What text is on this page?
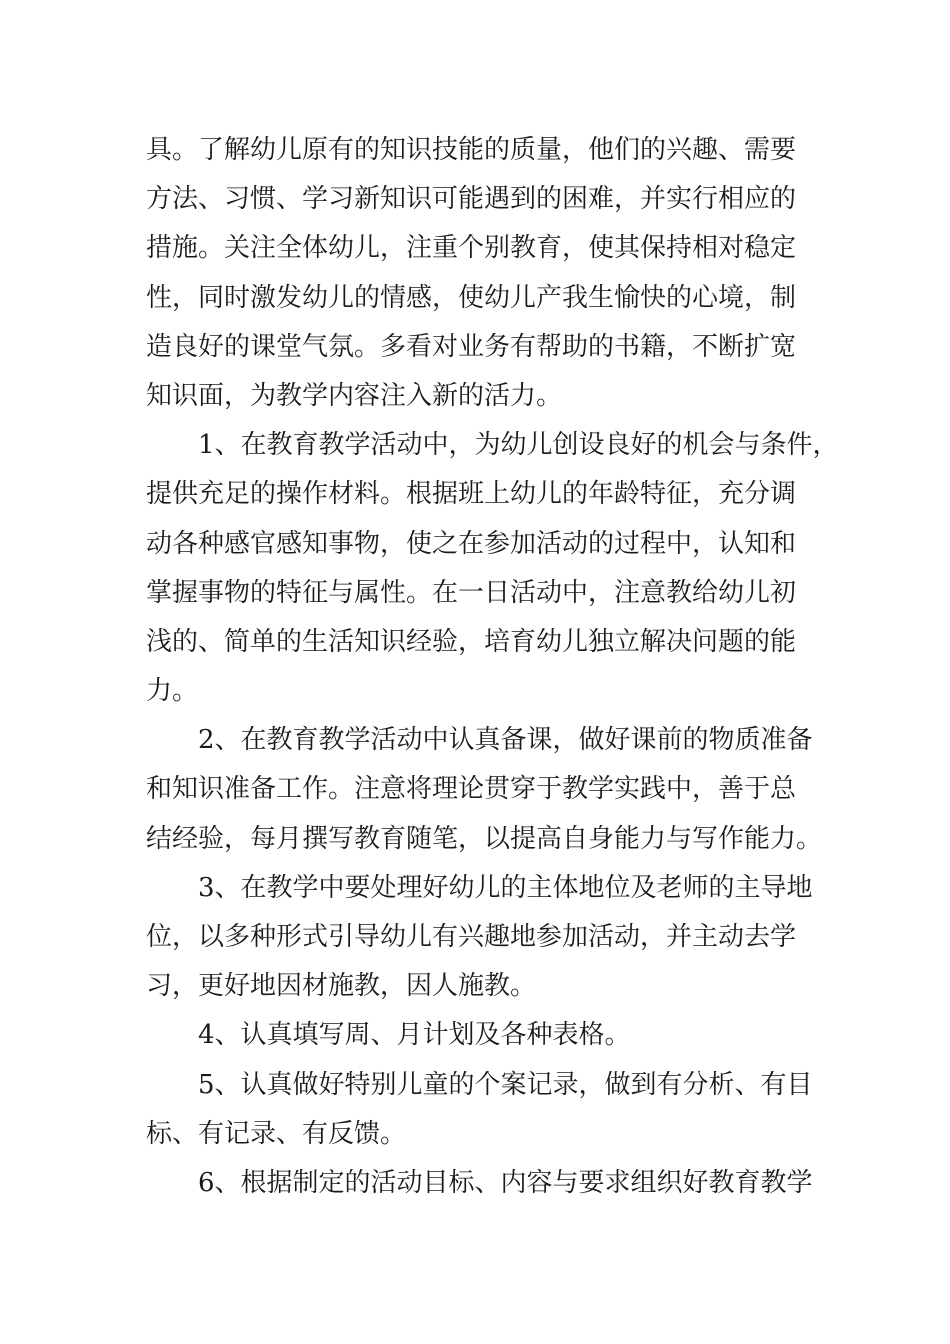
具。了解幼儿原有的知识技能的质量，他们的兴趣、需要
方法、习惯、学习新知识可能遇到的困难，并实行相应的
措施。关注全体幼儿，注重个别教育，使其保持相对稳定
性，同时激发幼儿的情感，使幼儿产我生愉快的心境，制
造良好的课堂气氛。多看对业务有帮助的书籍，不断扩宽
知识面，为教学内容注入新的活力。
1、在教育教学活动中，为幼儿创设良好的机会与条件，
提供充足的操作材料。根据班上幼儿的年龄特征，充分调
动各种感官感知事物，使之在参加活动的过程中，认知和
掌握事物的特征与属性。在一日活动中，注意教给幼儿初
浅的、简单的生活知识经验，培育幼儿独立解决问题的能
力。
2、在教育教学活动中认真备课，做好课前的物质准备
和知识准备工作。注意将理论贯穿于教学实践中，善于总
结经验，每月撰写教育随笔，以提高自身能力与写作能力。
3、在教学中要处理好幼儿的主体地位及老师的主导地
位，以多种形式引导幼儿有兴趣地参加活动，并主动去学
习，更好地因材施教，因人施教。
4、认真填写周、月计划及各种表格。
5、认真做好特别儿童的个案记录，做到有分析、有目
标、有记录、有反馈。
6、根据制定的活动目标、内容与要求组织好教育教学
